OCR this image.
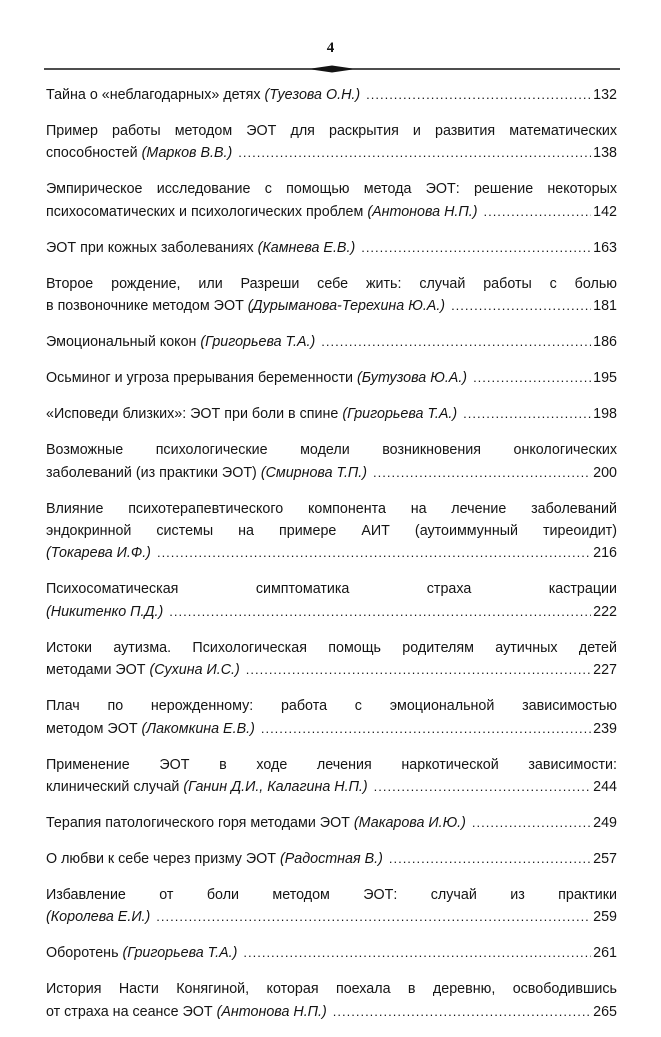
4
Тайна о «неблагодарных» детях (Туезова О.Н.) .....	132
Пример работы методом ЭОТ для раскрытия и развития математических
способностей (Марков В.В.) .....	138
Эмпирическое исследование с помощью метода ЭОТ: решение некоторых
психосоматических и психологических проблем (Антонова Н.П.) .....	142
ЭОТ при кожных заболеваниях (Камнева Е.В.) .....	163
Второе рождение, или Разреши себе жить: случай работы с болью
в позвоночнике методом ЭОТ (Дурыманова-Терехина Ю.А.) .....	181
Эмоциональный кокон (Григорьева Т.А.) .....	186
Осьминог и угроза прерывания беременности (Бутузова Ю.А.) .....	195
«Исповеди близких»: ЭОТ при боли в спине (Григорьева Т.А.) .....	198
Возможные психологические модели возникновения онкологических
заболеваний (из практики ЭОТ) (Смирнова Т.П.) .....	200
Влияние психотерапевтического компонента на лечение заболеваний
эндокринной системы на примере АИТ (аутоиммунный тиреоидит)
(Токарева И.Ф.) .....	216
Психосоматическая симптоматика страха кастрации
(Никитенко П.Д.) .....	222
Истоки аутизма. Психологическая помощь родителям аутичных детей
методами ЭОТ (Сухина И.С.) .....	227
Плач по нерожденному: работа с эмоциональной зависимостью
методом ЭОТ (Лакомкина Е.В.) .....	239
Применение ЭОТ в ходе лечения наркотической зависимости:
клинический случай (Ганин Д.И., Калагина Н.П.) .....	244
Терапия патологического горя методами ЭОТ (Макарова И.Ю.) .....	249
О любви к себе через призму ЭОТ (Радостная В.) .....	257
Избавление от боли методом ЭОТ: случай из практики
(Королева Е.И.) .....	259
Оборотень (Григорьева Т.А.) .....	261
История Насти Конягиной, которая поехала в деревню, освободившись
от страха на сеансе ЭОТ (Антонова Н.П.) .....	265
